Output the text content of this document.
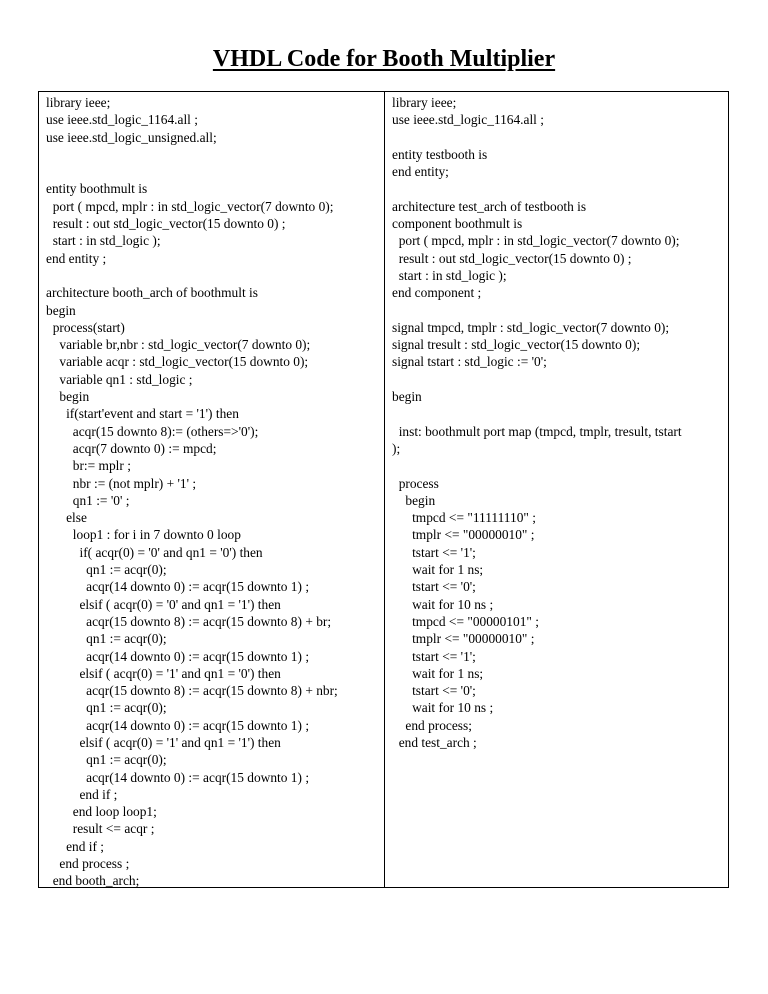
VHDL Code for Booth Multiplier
library ieee;
use ieee.std_logic_1164.all ;
use ieee.std_logic_unsigned.all;
entity boothmult is
port ( mpcd, mplr : in std_logic_vector(7 downto 0);
result : out std_logic_vector(15 downto 0) ;
start : in std_logic );
end entity ;
architecture booth_arch of boothmult is
begin
process(start)
variable br,nbr : std_logic_vector(7 downto 0);
variable acqr : std_logic_vector(15 downto 0);
variable qn1 : std_logic ;
begin
if(start'event and start = '1') then
acqr(15 downto 8):= (others=>'0');
acqr(7 downto 0) := mpcd;
br:= mplr ;
nbr := (not mplr) + '1' ;
qn1 := '0' ;
else
loop1 : for i in 7 downto 0 loop
if( acqr(0) = '0' and qn1 = '0') then
qn1 := acqr(0);
acqr(14 downto 0) := acqr(15 downto 1) ;
elsif ( acqr(0) = '0' and qn1 = '1') then
acqr(15 downto 8) := acqr(15 downto 8) + br;
qn1 := acqr(0);
acqr(14 downto 0) := acqr(15 downto 1) ;
elsif ( acqr(0) = '1' and qn1 = '0') then
acqr(15 downto 8) := acqr(15 downto 8) + nbr;
qn1 := acqr(0);
acqr(14 downto 0) := acqr(15 downto 1) ;
elsif ( acqr(0) = '1' and qn1 = '1') then
qn1 := acqr(0);
acqr(14 downto 0) := acqr(15 downto 1) ;
end if ;
end loop loop1;
result <= acqr ;
end if ;
end process ;
end booth_arch;
library ieee;
use ieee.std_logic_1164.all ;
entity testbooth is
end entity;
architecture test_arch of testbooth is
component boothmult is
port ( mpcd, mplr : in std_logic_vector(7 downto 0);
result : out std_logic_vector(15 downto 0) ;
start : in std_logic );
end component ;
signal tmpcd, tmplr : std_logic_vector(7 downto 0);
signal tresult : std_logic_vector(15 downto 0);
signal tstart : std_logic := '0';
begin
inst: boothmult port map (tmpcd, tmplr, tresult, tstart
);
process
begin
tmpcd <= "11111110" ;
tmplr <= "00000010" ;
tstart <= '1';
wait for 1 ns;
tstart <= '0';
wait for 10 ns ;
tmpcd <= "00000101" ;
tmplr <= "00000010" ;
tstart <= '1';
wait for 1 ns;
tstart <= '0';
wait for 10 ns ;
end process;
end test_arch ;
